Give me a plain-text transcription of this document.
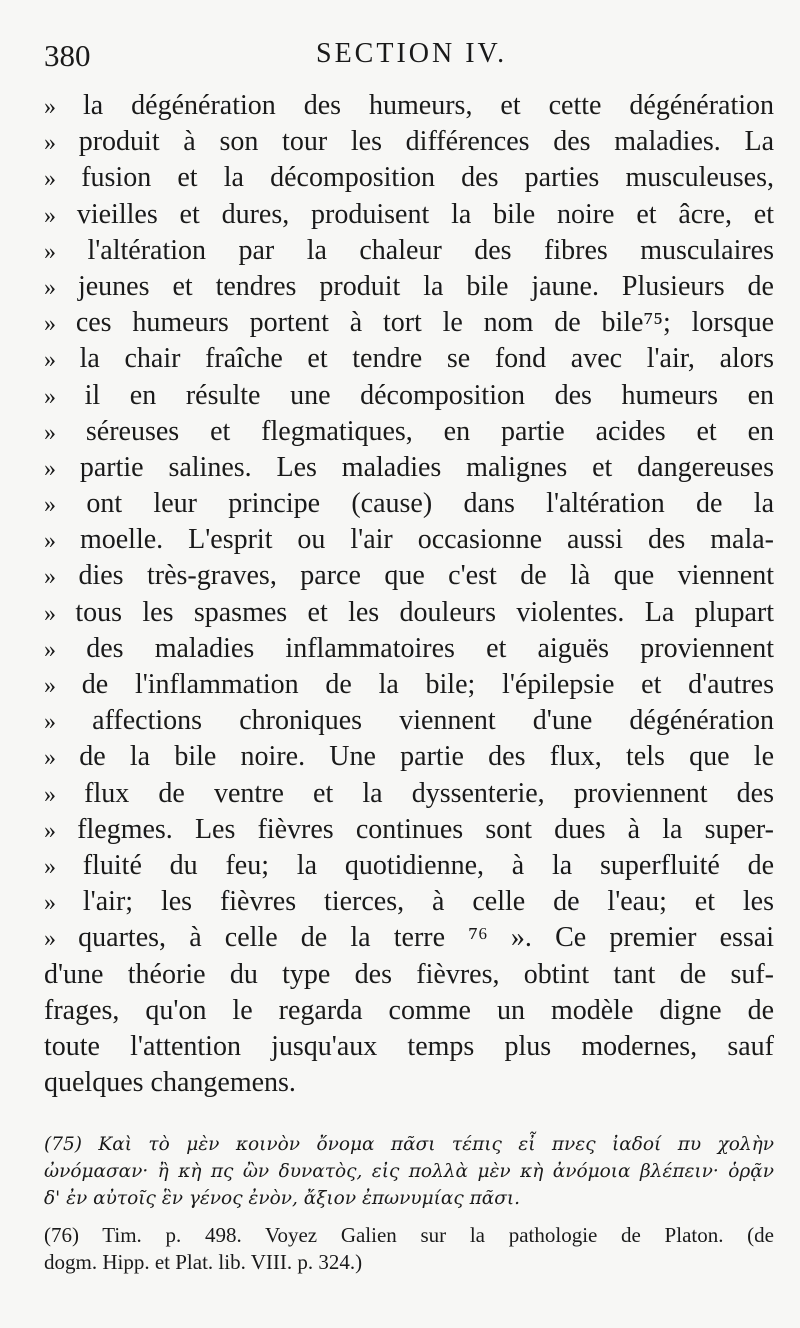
380	SECTION IV.
» la dégénération des humeurs, et cette dégénération
» produit à son tour les différences des maladies. La
» fusion et la décomposition des parties musculeuses,
» vieilles et dures, produisent la bile noire et âcre, et
» l'altération par la chaleur des fibres musculaires
» jeunes et tendres produit la bile jaune. Plusieurs de
» ces humeurs portent à tort le nom de bile⁷⁵; lorsque
» la chair fraîche et tendre se fond avec l'air, alors
» il en résulte une décomposition des humeurs en
» séreuses et flegmatiques, en partie acides et en
» partie salines. Les maladies malignes et dangereuses
» ont leur principe (cause) dans l'altération de la
» moelle. L'esprit ou l'air occasionne aussi des mala-
» dies très-graves, parce que c'est de là que viennent
» tous les spasmes et les douleurs violentes. La plupart
» des maladies inflammatoires et aiguës proviennent
» de l'inflammation de la bile; l'épilepsie et d'autres
» affections chroniques viennent d'une dégénération
» de la bile noire. Une partie des flux, tels que le
» flux de ventre et la dyssenterie, proviennent des
» flegmes. Les fièvres continues sont dues à la super-
» fluité du feu; la quotidienne, à la superfluité de
» l'air; les fièvres tierces, à celle de l'eau; et les
» quartes, à celle de la terre ⁷⁶ ». Ce premier essai
d'une théorie du type des fièvres, obtint tant de suf-
frages, qu'on le regarda comme un modèle digne de
toute l'attention jusqu'aux temps plus modernes, sauf
quelques changemens.
(75) Καὶ τὸ μὲν κοινὸν ὄνομα πᾶσι τέπις εἶ πνες ἰαδοί πυ χολὴν
ὠνόμασαν· ἢ κὴ πς ὢν δυνατὸς, εἰς πολλὰ μὲν κὴ ἀνόμοια βλέπειν· ὁρᾷν
δ' ἐν αὐτοῖς ἓν γένος ἐνὸν, ἄξιον ἐπωνυμίας πᾶσι.
(76) Tim. p. 498. Voyez Galien sur la pathologie de Platon. (de
dogm. Hipp. et Plat. lib. VIII. p. 324.)
